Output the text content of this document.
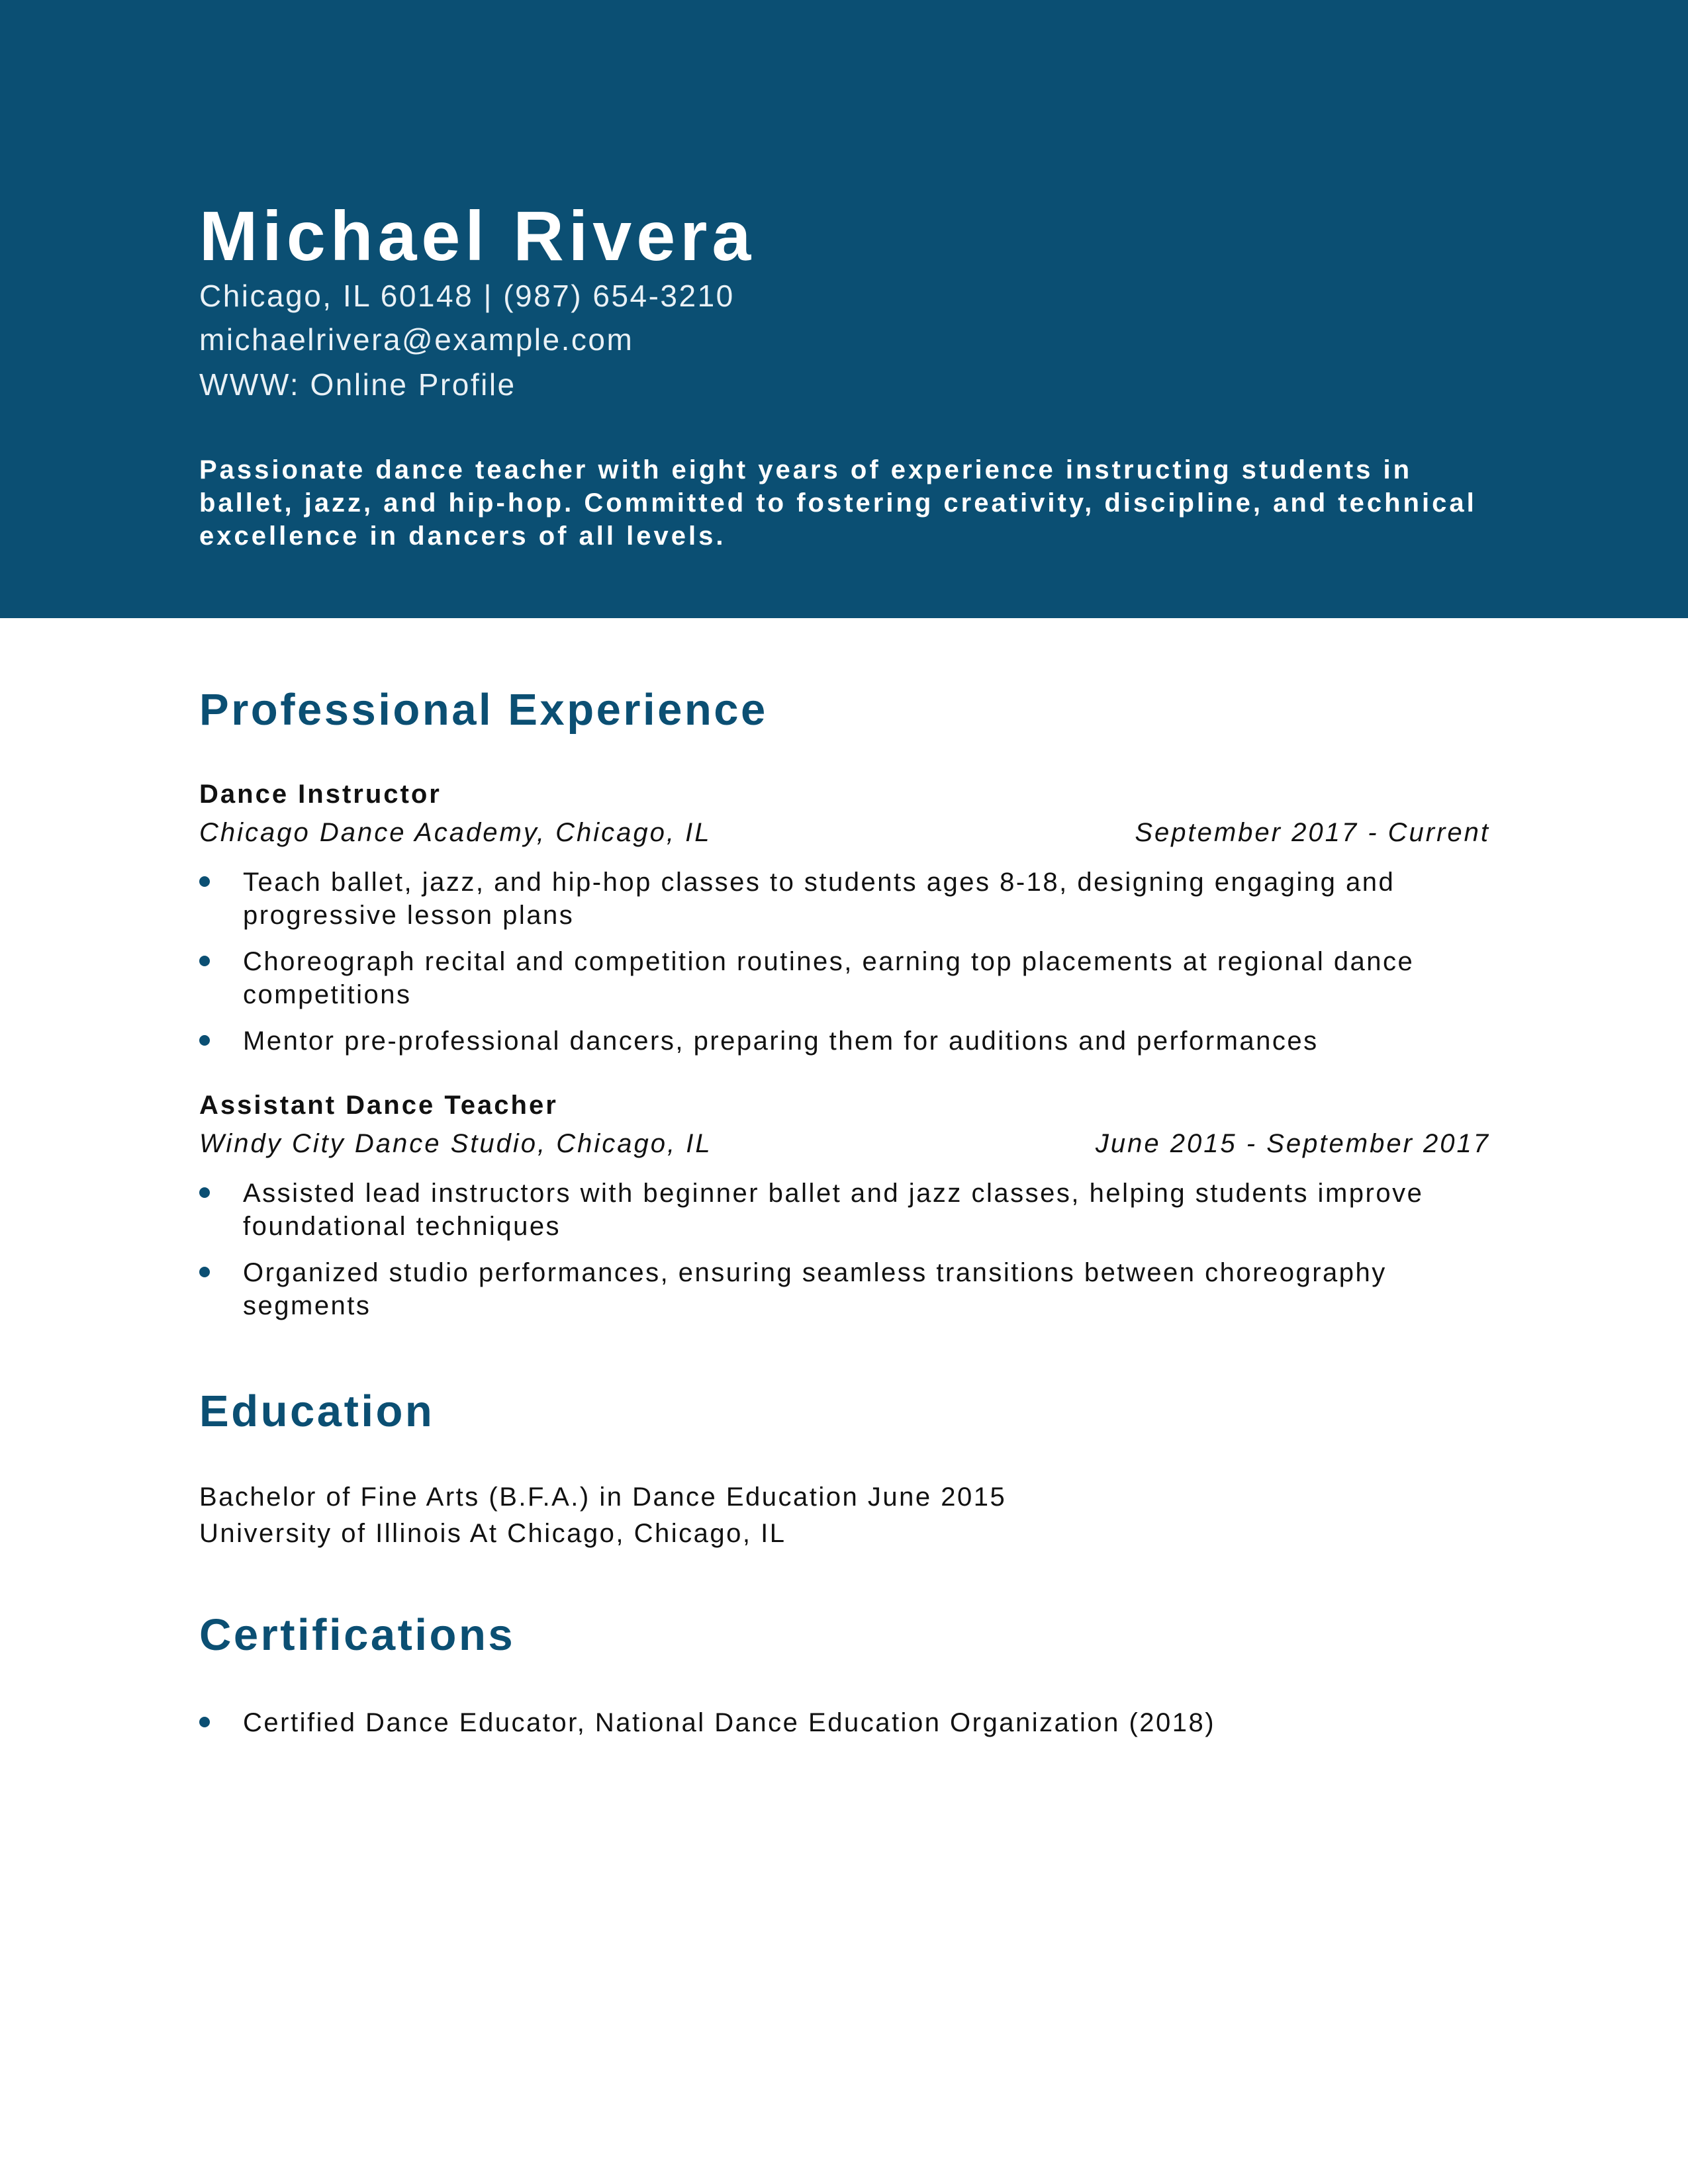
Michael Rivera
Chicago, IL 60148 | (987) 654-3210
michaelrivera@example.com
WWW: Online Profile
Passionate dance teacher with eight years of experience instructing students in ballet, jazz, and hip-hop. Committed to fostering creativity, discipline, and technical excellence in dancers of all levels.
Professional Experience
Dance Instructor
Chicago Dance Academy, Chicago, IL	September 2017 - Current
Teach ballet, jazz, and hip-hop classes to students ages 8-18, designing engaging and progressive lesson plans
Choreograph recital and competition routines, earning top placements at regional dance competitions
Mentor pre-professional dancers, preparing them for auditions and performances
Assistant Dance Teacher
Windy City Dance Studio, Chicago, IL	June 2015 - September 2017
Assisted lead instructors with beginner ballet and jazz classes, helping students improve foundational techniques
Organized studio performances, ensuring seamless transitions between choreography segments
Education
Bachelor of Fine Arts (B.F.A.) in Dance Education June 2015
University of Illinois At Chicago, Chicago, IL
Certifications
Certified Dance Educator, National Dance Education Organization (2018)
